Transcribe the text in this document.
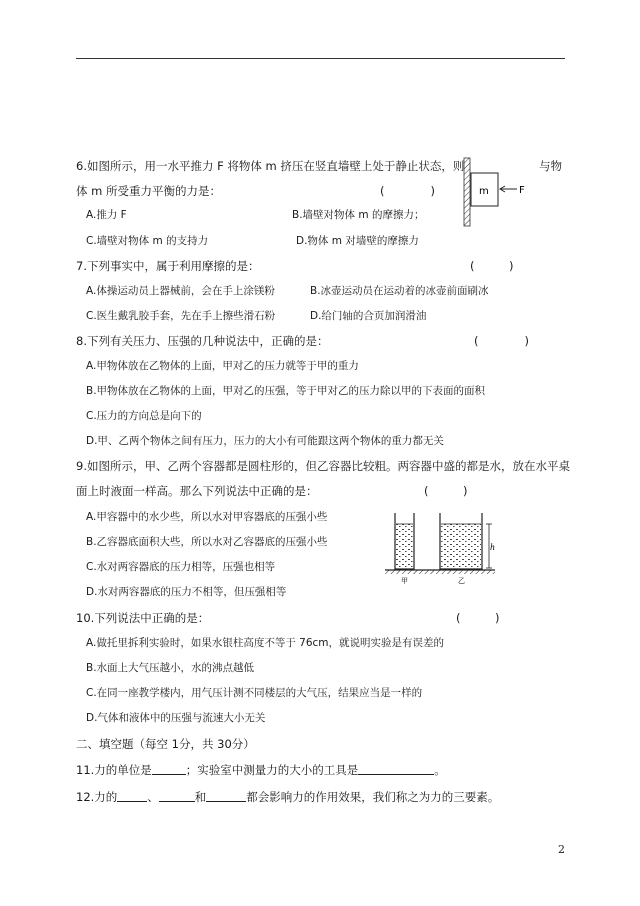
6.如图所示，用一水平推力 F 将物体 m 挤压在竖直墙壁上处于静止状态，则	与物
体 m 所受重力平衡的力是：	(　　　　)
A.推力 F	B.墙壁对物体 m 的摩擦力；
C.墙壁对物体 m 的支持力	D.物体 m 对墙壁的摩擦力
m	F
7.下列事实中，属于利用摩擦的是：	(　　　)
A.体操运动员上器械前，会在手上涂镁粉	B.冰壶运动员在运动着的冰壶前面刷冰
C.医生戴乳胶手套，先在手上擦些滑石粉	D.给门轴的合页加润滑油
8.下列有关压力、压强的几种说法中，正确的是：	(　　　　)
A.甲物体放在乙物体的上面，甲对乙的压力就等于甲的重力
B.甲物体放在乙物体的上面，甲对乙的压强，等于甲对乙的压力除以甲的下表面的面积
C.压力的方向总是向下的
D.甲、乙两个物体之间有压力，压力的大小有可能跟这两个物体的重力都无关
9.如图所示，甲、乙两个容器都是圆柱形的，但乙容器比较粗。两容器中盛的都是水，放在水平桌
面上时液面一样高。那么下列说法中正确的是：	(　　　)
A.甲容器中的水少些，所以水对甲容器底的压强小些
B.乙容器底面积大些，所以水对乙容器底的压强小些
C.水对两容器底的压力相等，压强也相等
D.水对两容器底的压力不相等，但压强相等
h
甲	乙
10.下列说法中正确的是：	(　　　)
A.做托里拆利实验时，如果水银柱高度不等于 76cm，就说明实验是有误差的
B.水面上大气压越小，水的沸点越低
C.在同一座教学楼内，用气压计测不同楼层的大气压，结果应当是一样的
D.气体和液体中的压强与流速大小无关
二、填空题（每空 1分，共 30分）
11.力的单位是	；实验室中测量力的大小的工具是	。
12.力的	、	和	都会影响力的作用效果，我们称之为力的三要素。
2
